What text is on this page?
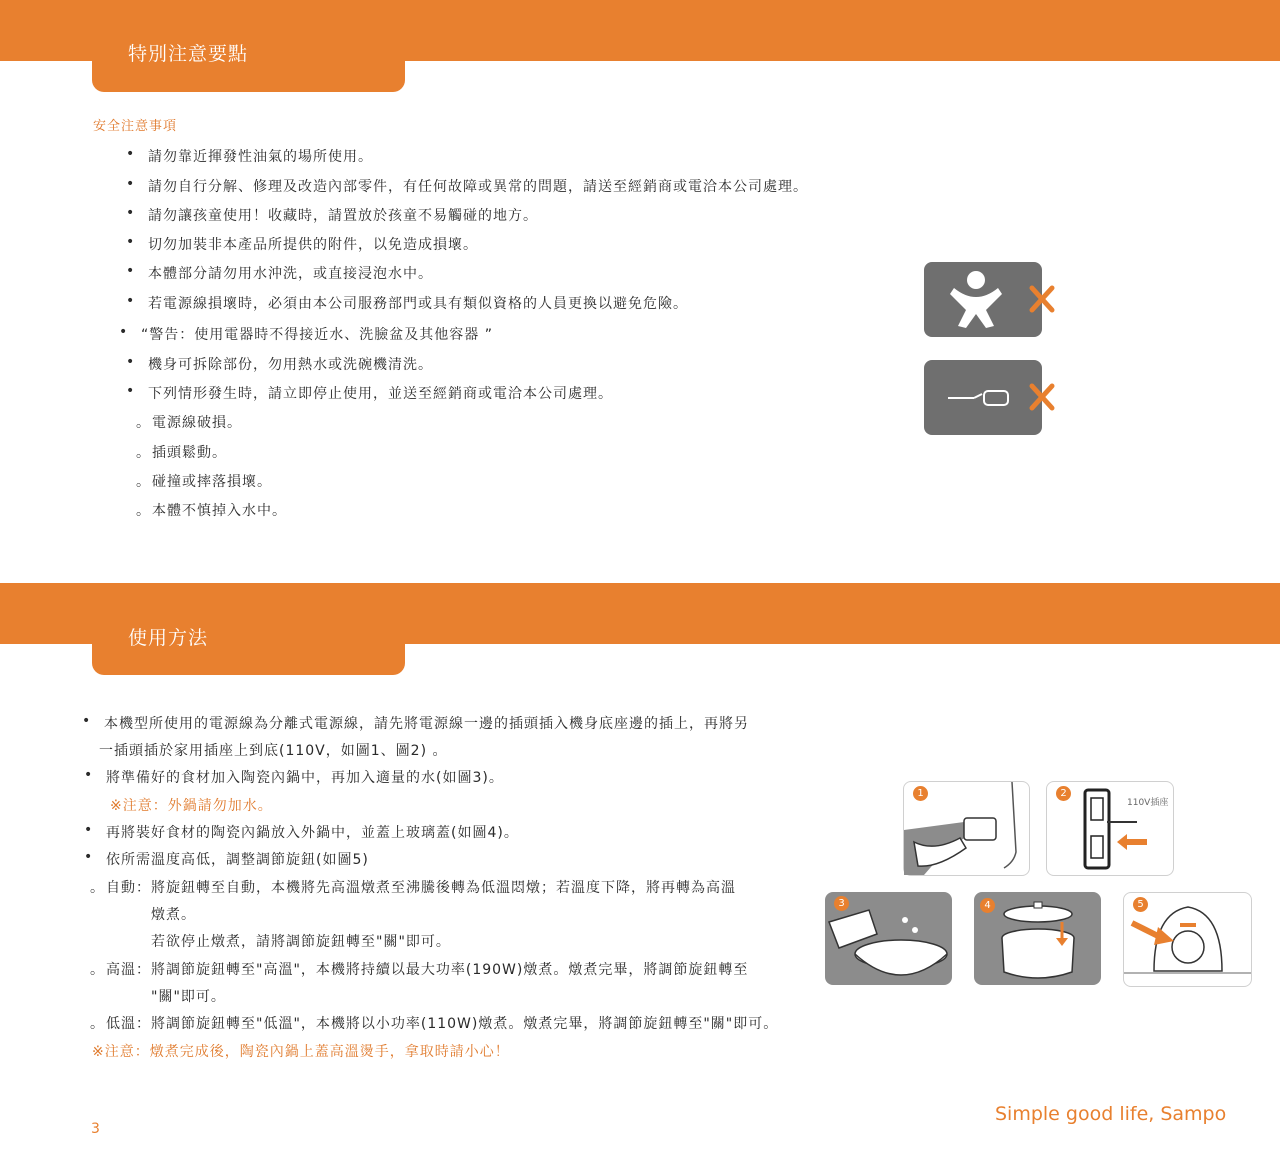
特別注意要點
安全注意事項
• 請勿靠近揮發性油氣的場所使用。
• 請勿自行分解、修理及改造內部零件，有任何故障或異常的問題，請送至經銷商或電洽本公司處理。
• 請勿讓孩童使用！收藏時，請置放於孩童不易觸碰的地方。
• 切勿加裝非本產品所提供的附件，以免造成損壞。
• 本體部分請勿用水沖洗，或直接浸泡水中。
• 若電源線損壞時，必須由本公司服務部門或具有類似資格的人員更換以避免危險。
• “警告：使用電器時不得接近水、洗臉盆及其他容器 ”
• 機身可拆除部份，勿用熱水或洗碗機清洗。
• 下列情形發生時，請立即停止使用，並送至經銷商或電洽本公司處理。
。 電源線破損。
。 插頭鬆動。
。 碰撞或摔落損壞。
。 本體不慎掉入水中。
使用方法
• 本機型所使用的電源線為分離式電源線，請先將電源線一邊的插頭插入機身底座邊的插上，再將另
一插頭插於家用插座上到底(110V，如圖1、圖2) 。
• 將準備好的食材加入陶瓷內鍋中，再加入適量的水(如圖3)。
※注意：外鍋請勿加水。
• 再將裝好食材的陶瓷內鍋放入外鍋中，並蓋上玻璃蓋(如圖4)。
• 依所需溫度高低，調整調節旋鈕(如圖5)
。 自動：將旋鈕轉至自動，本機將先高溫燉煮至沸騰後轉為低溫悶燉；若溫度下降，將再轉為高溫
燉煮。
若欲停止燉煮，請將調節旋鈕轉至"關"即可。
。 高溫：將調節旋鈕轉至"高溫"，本機將持續以最大功率(190W)燉煮。燉煮完畢，將調節旋鈕轉至
"關"即可。
。 低溫：將調節旋鈕轉至"低溫"，本機將以小功率(110W)燉煮。燉煮完畢，將調節旋鈕轉至"關"即可。
※注意：燉煮完成後，陶瓷內鍋上蓋高溫燙手，拿取時請小心！
1	2
110V插座
3	4	5
Simple good life, Sampo
3
